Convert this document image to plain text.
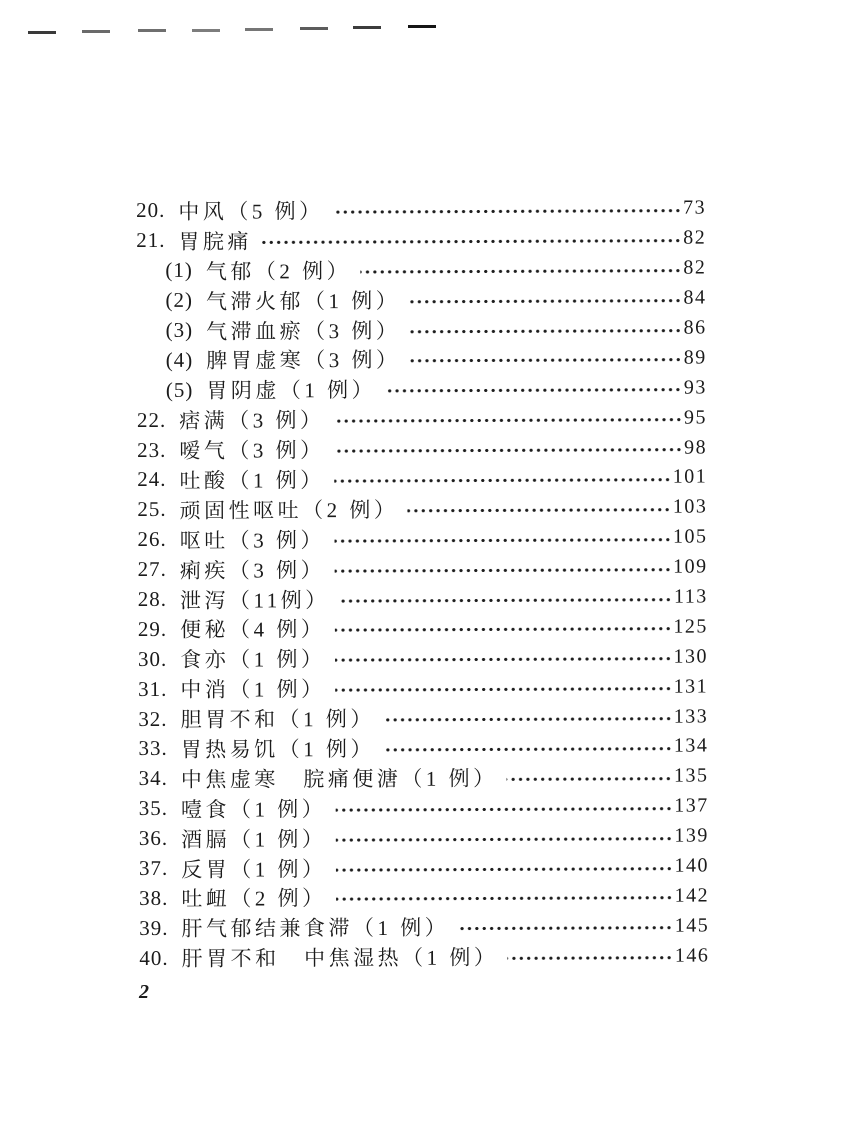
20. 中风（5 例）	73
21. 胃脘痛	82
(1) 气郁（2 例）	82
(2) 气滞火郁（1 例）	84
(3) 气滞血瘀（3 例）	86
(4) 脾胃虚寒（3 例）	89
(5) 胃阴虚（1 例）	93
22. 痞满（3 例）	95
23. 嗳气（3 例）	98
24. 吐酸（1 例）	101
25. 顽固性呕吐（2 例）	103
26. 呕吐（3 例）	105
27. 痢疾（3 例）	109
28. 泄泻（11例）	113
29. 便秘（4 例）	125
30. 食亦（1 例）	130
31. 中消（1 例）	131
32. 胆胃不和（1 例）	133
33. 胃热易饥（1 例）	134
34. 中焦虚寒　脘痛便溏（1 例）	135
35. 噎食（1 例）	137
36. 酒膈（1 例）	139
37. 反胃（1 例）	140
38. 吐衄（2 例）	142
39. 肝气郁结兼食滞（1 例）	145
40. 肝胃不和　中焦湿热（1 例）	146
2
